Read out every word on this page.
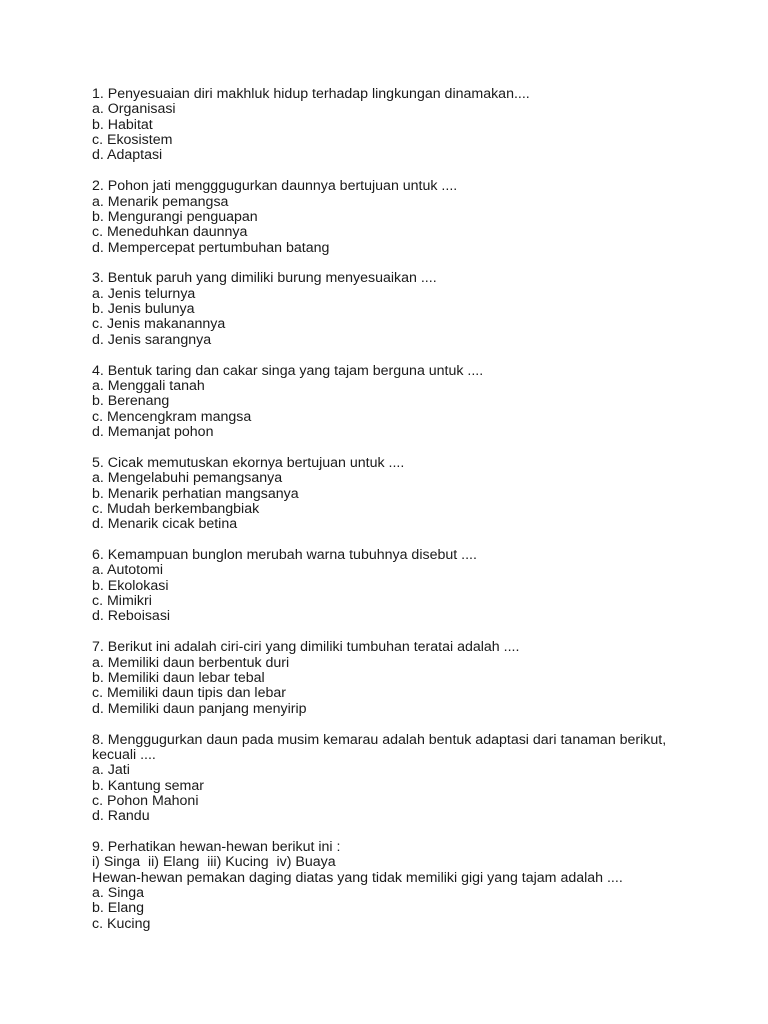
1. Penyesuaian diri makhluk hidup terhadap lingkungan dinamakan....
a. Organisasi
b. Habitat
c. Ekosistem
d. Adaptasi
2. Pohon jati mengggugurkan daunnya bertujuan untuk ....
a. Menarik pemangsa
b. Mengurangi penguapan
c. Meneduhkan daunnya
d. Mempercepat pertumbuhan batang
3. Bentuk paruh yang dimiliki burung menyesuaikan ....
a. Jenis telurnya
b. Jenis bulunya
c. Jenis makanannya
d. Jenis sarangnya
4. Bentuk taring dan cakar singa yang tajam berguna untuk ....
a. Menggali tanah
b. Berenang
c. Mencengkram mangsa
d. Memanjat pohon
5. Cicak memutuskan ekornya bertujuan untuk ....
a. Mengelabuhi pemangsanya
b. Menarik perhatian mangsanya
c. Mudah berkembangbiak
d. Menarik cicak betina
6. Kemampuan bunglon merubah warna tubuhnya disebut ....
a. Autotomi
b. Ekolokasi
c. Mimikri
d. Reboisasi
7. Berikut ini adalah ciri-ciri yang dimiliki tumbuhan teratai adalah ....
a. Memiliki daun berbentuk duri
b. Memiliki daun lebar tebal
c. Memiliki daun tipis dan lebar
d. Memiliki daun panjang menyirip
8. Menggugurkan daun pada musim kemarau adalah bentuk adaptasi dari tanaman berikut,
kecuali ....
a. Jati
b. Kantung semar
c. Pohon Mahoni
d. Randu
9. Perhatikan hewan-hewan berikut ini :
i) Singa  ii) Elang  iii) Kucing  iv) Buaya
Hewan-hewan pemakan daging diatas yang tidak memiliki gigi yang tajam adalah ....
a. Singa
b. Elang
c. Kucing
